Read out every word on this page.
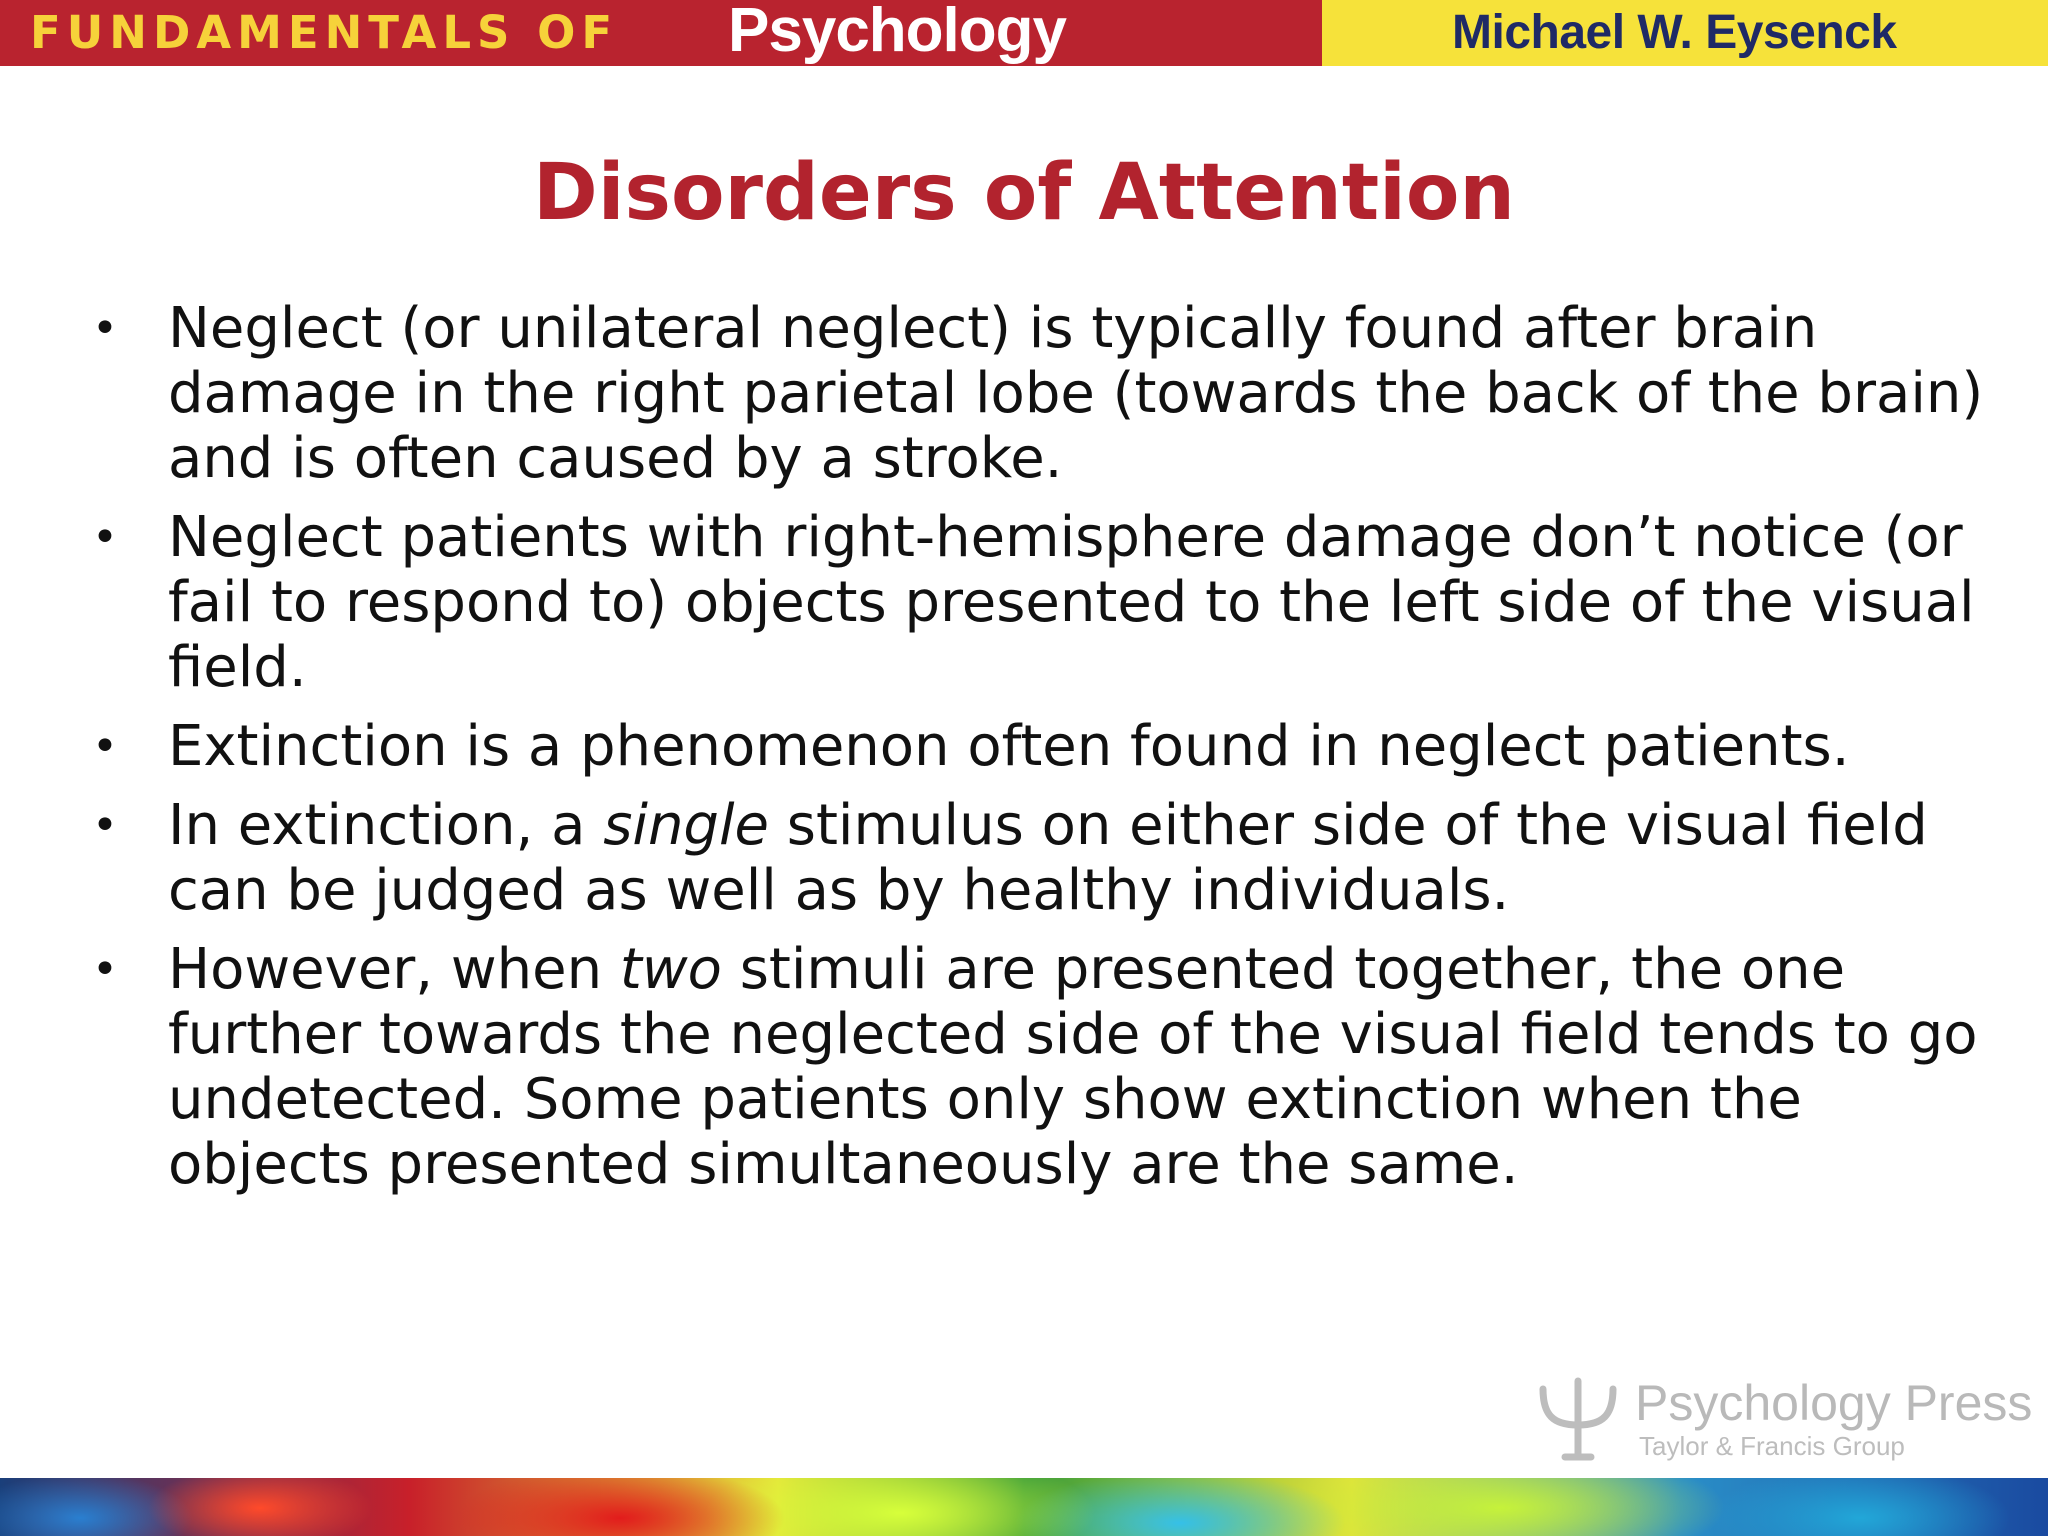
FUNDAMENTALS OF Psychology	Michael W. Eysenck
Disorders of Attention
• Neglect (or unilateral neglect) is typically found after brain damage in the right parietal lobe (towards the back of the brain) and is often caused by a stroke.
• Neglect patients with right-hemisphere damage don’t notice (or fail to respond to) objects presented to the left side of the visual field.
• Extinction is a phenomenon often found in neglect patients.
• In extinction, a single stimulus on either side of the visual field can be judged as well as by healthy individuals.
• However, when two stimuli are presented together, the one further towards the neglected side of the visual field tends to go undetected. Some patients only show extinction when the objects presented simultaneously are the same.
Psychology Press
Taylor & Francis Group
